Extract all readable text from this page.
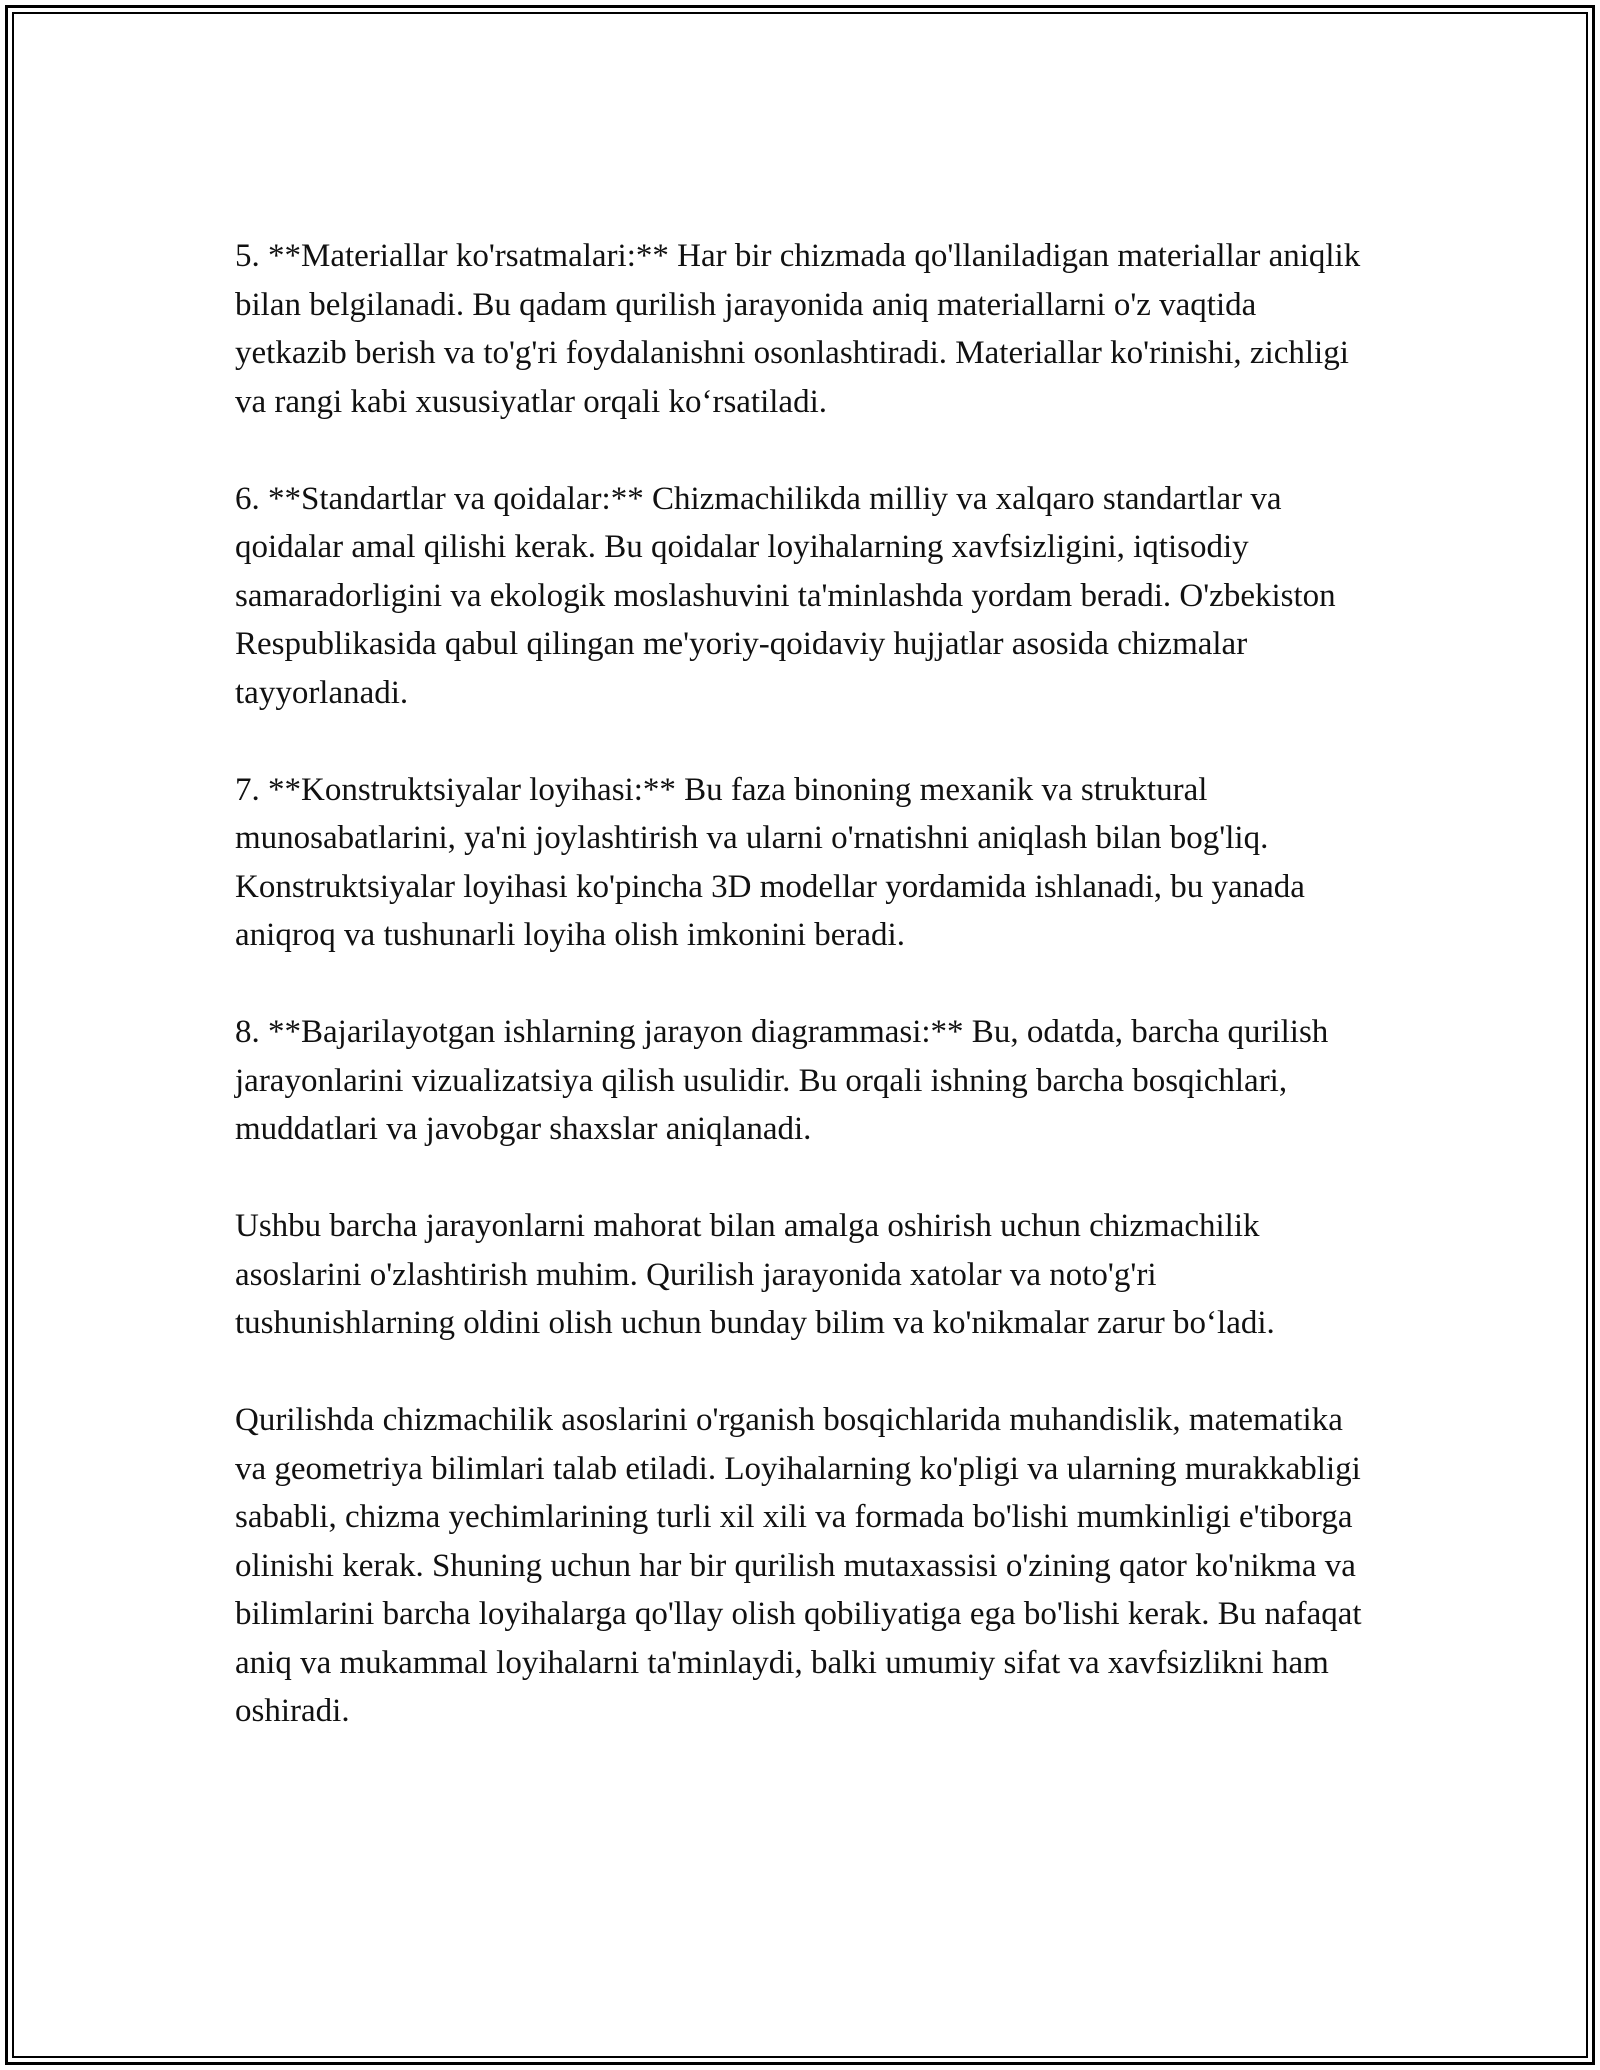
5. **Materiallar ko'rsatmalari:** Har bir chizmada qo'llaniladigan materiallar aniqlik bilan belgilanadi. Bu qadam qurilish jarayonida aniq materiallarni o'z vaqtida yetkazib berish va to'g'ri foydalanishni osonlashtiradi. Materiallar ko'rinishi, zichligi va rangi kabi xususiyatlar orqali ko‘rsatiladi.

6. **Standartlar va qoidalar:** Chizmachilikda milliy va xalqaro standartlar va qoidalar amal qilishi kerak. Bu qoidalar loyihalarning xavfsizligini, iqtisodiy samaradorligini va ekologik moslashuvini ta'minlashda yordam beradi. O'zbekiston Respublikasida qabul qilingan me'yoriy-qoidaviy hujjatlar asosida chizmalar tayyorlanadi.

7. **Konstruktsiyalar loyihasi:** Bu faza binoning mexanik va struktural munosabatlarini, ya'ni joylashtirish va ularni o'rnatishni aniqlash bilan bog'liq. Konstruktsiyalar loyihasi ko'pincha 3D modellar yordamida ishlanadi, bu yanada aniqroq va tushunarli loyiha olish imkonini beradi.

8. **Bajarilayotgan ishlarning jarayon diagrammasi:** Bu, odatda, barcha qurilish jarayonlarini vizualizatsiya qilish usulidir. Bu orqali ishning barcha bosqichlari, muddatlari va javobgar shaxslar aniqlanadi.

Ushbu barcha jarayonlarni mahorat bilan amalga oshirish uchun chizmachilik asoslarini o'zlashtirish muhim. Qurilish jarayonida xatolar va noto'g'ri tushunishlarning oldini olish uchun bunday bilim va ko'nikmalar zarur bo‘ladi.

Qurilishda chizmachilik asoslarini o'rganish bosqichlarida muhandislik, matematika va geometriya bilimlari talab etiladi. Loyihalarning ko'pligi va ularning murakkabligi sababli, chizma yechimlarining turli xil xili va formada bo'lishi mumkinligi e'tiborga olinishi kerak. Shuning uchun har bir qurilish mutaxassisi o'zining qator ko'nikma va bilimlarini barcha loyihalarga qo'llay olish qobiliyatiga ega bo'lishi kerak. Bu nafaqat aniq va mukammal loyihalarni ta'minlaydi, balki umumiy sifat va xavfsizlikni ham oshiradi.
